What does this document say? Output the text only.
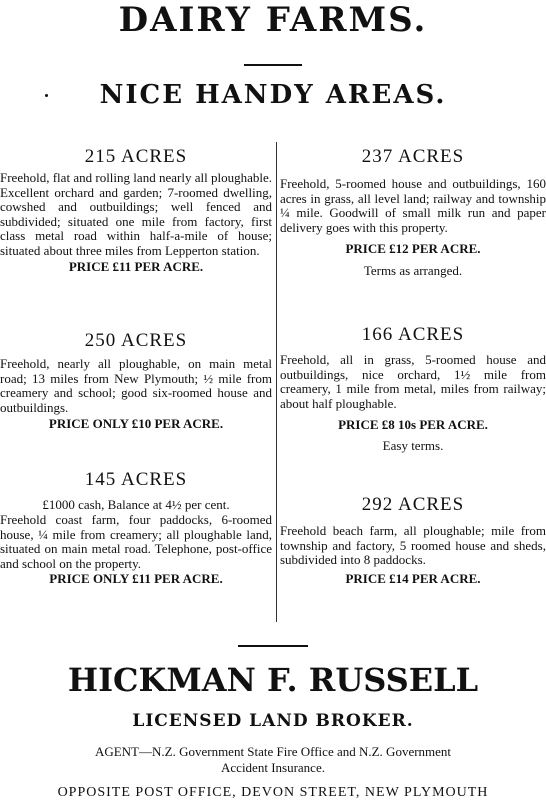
DAIRY FARMS.
NICE HANDY AREAS.
215 ACRES
Freehold, flat and rolling land nearly all ploughable. Excellent orchard and garden; 7-roomed dwelling, cowshed and outbuildings; well fenced and subdivided; situated one mile from factory, first class metal road within half-a-mile of house; situated about three miles from Lepperton station.
PRICE £11 PER ACRE.
250 ACRES
Freehold, nearly all ploughable, on main metal road; 13 miles from New Plymouth; ½ mile from creamery and school; good six-roomed house and outbuildings.
PRICE ONLY £10 PER ACRE.
145 ACRES
£1000 cash, Balance at 4½ per cent.
Freehold coast farm, four paddocks, 6-roomed house, ¼ mile from creamery; all ploughable land, situated on main metal road. Telephone, post-office and school on the property.
PRICE ONLY £11 PER ACRE.
237 ACRES
Freehold, 5-roomed house and outbuildings, 160 acres in grass, all level land; railway and township ¼ mile. Goodwill of small milk run and paper delivery goes with this property.
PRICE £12 PER ACRE.
Terms as arranged.
166 ACRES
Freehold, all in grass, 5-roomed house and outbuildings, nice orchard, 1½ mile from creamery, 1 mile from metal, miles from railway; about half ploughable.
PRICE £8 10s PER ACRE.
Easy terms.
292 ACRES
Freehold beach farm, all ploughable; mile from township and factory, 5 roomed house and sheds, subdivided into 8 paddocks.
PRICE £14 PER ACRE.
HICKMAN F. RUSSELL
LICENSED LAND BROKER.
AGENT—N.Z. Government State Fire Office and N.Z. Government
Accident Insurance.
OPPOSITE POST OFFICE, DEVON STREET, NEW PLYMOUTH
